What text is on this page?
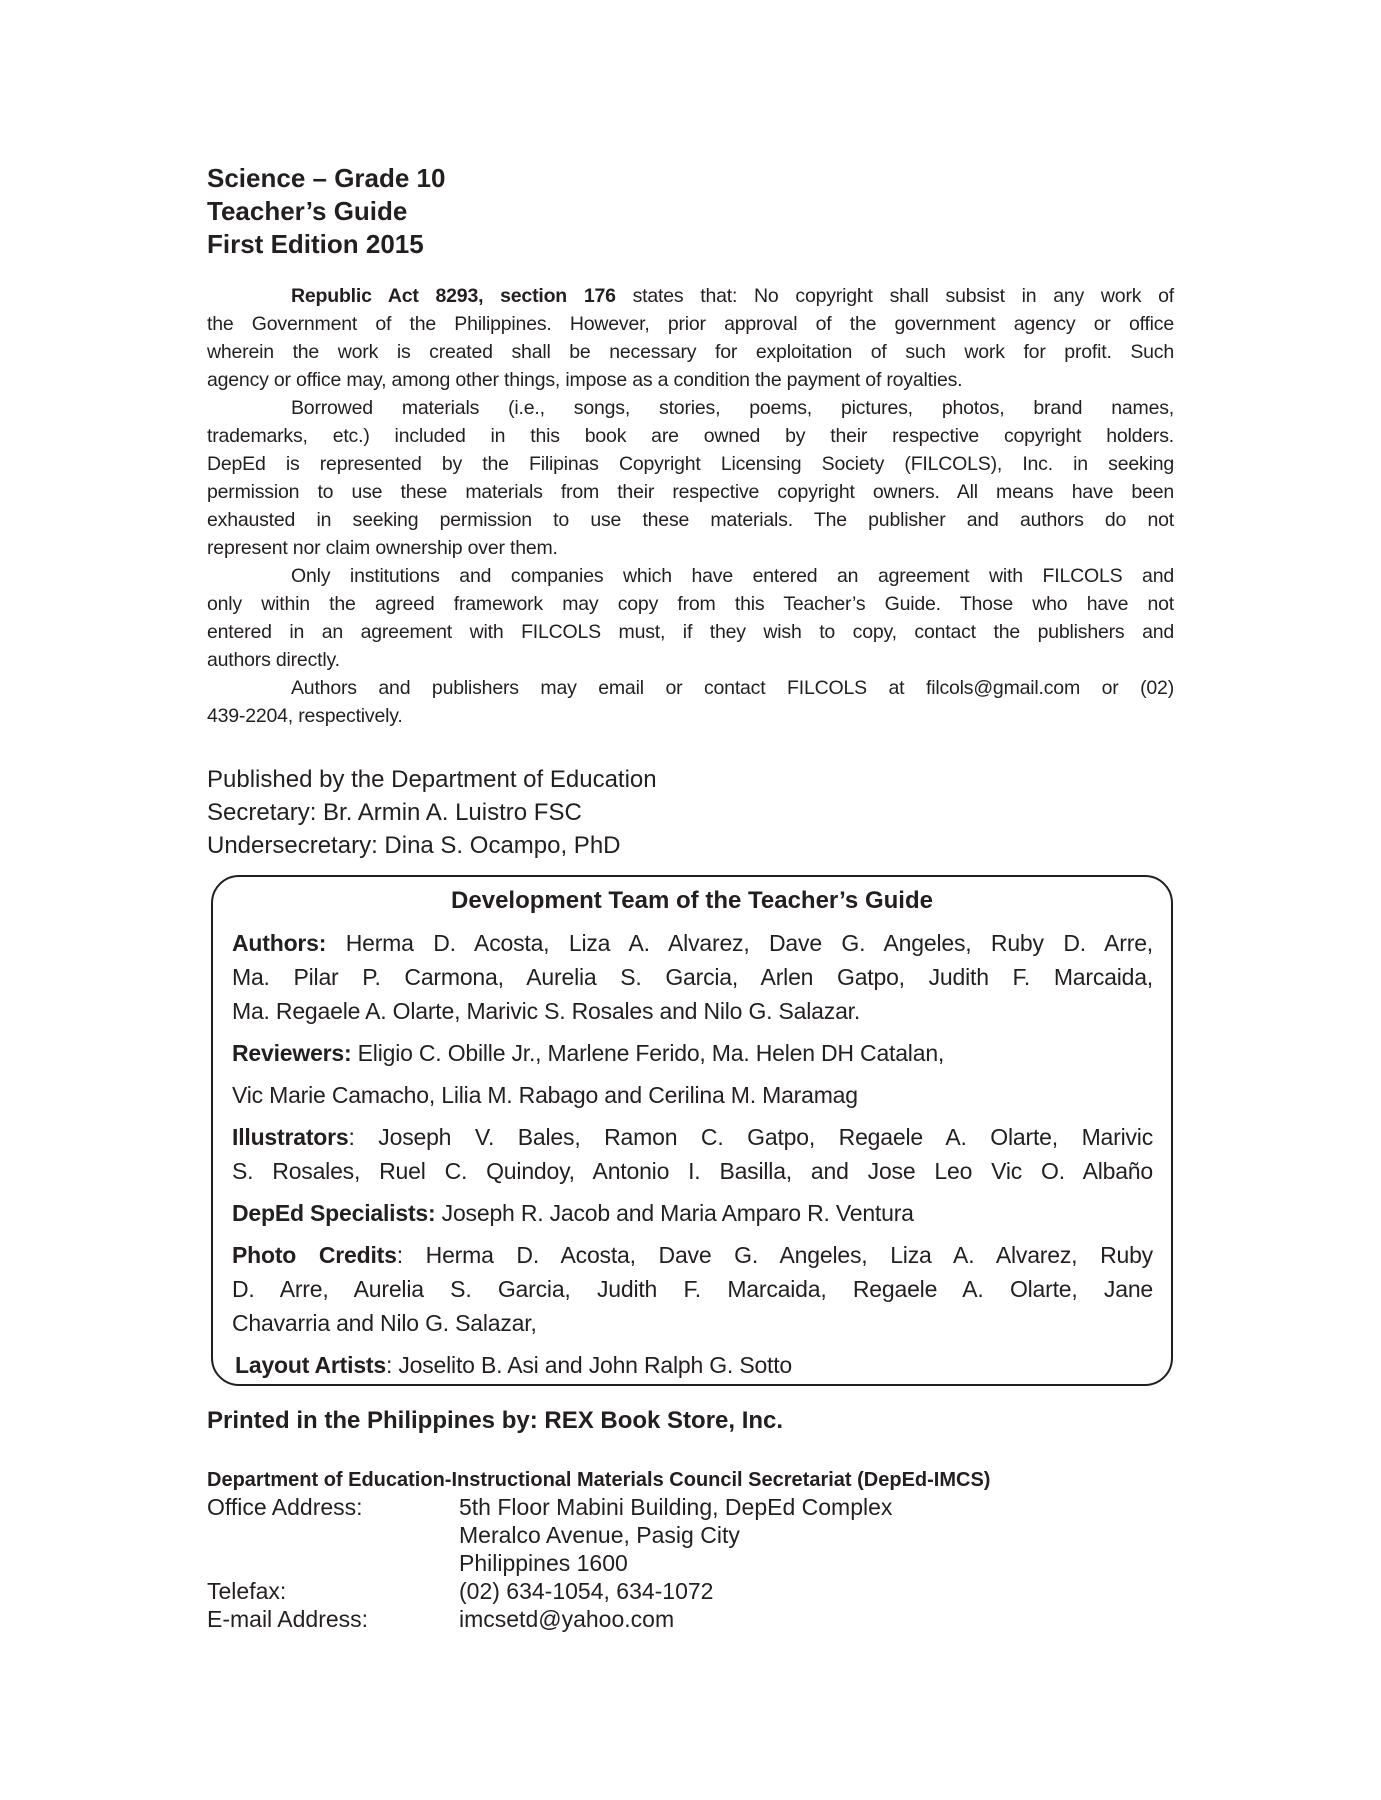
Science – Grade 10
Teacher’s Guide
First Edition 2015
Republic Act 8293, section 176 states that: No copyright shall subsist in any work of
the Government of the Philippines. However, prior approval of the government agency or office
wherein the work is created shall be necessary for exploitation of such work for profit. Such
agency or office may, among other things, impose as a condition the payment of royalties.
Borrowed materials (i.e., songs, stories, poems, pictures, photos, brand names,
trademarks, etc.) included in this book are owned by their respective copyright holders.
DepEd is represented by the Filipinas Copyright Licensing Society (FILCOLS), Inc. in seeking
permission to use these materials from their respective copyright owners. All means have been
exhausted in seeking permission to use these materials. The publisher and authors do not
represent nor claim ownership over them.
Only institutions and companies which have entered an agreement with FILCOLS and
only within the agreed framework may copy from this Teacher’s Guide. Those who have not
entered in an agreement with FILCOLS must, if they wish to copy, contact the publishers and
authors directly.
Authors and publishers may email or contact FILCOLS at filcols@gmail.com or (02)
439-2204, respectively.
Published by the Department of Education
Secretary: Br. Armin A. Luistro FSC
Undersecretary: Dina S. Ocampo, PhD
Development Team of the Teacher’s Guide
Authors: Herma D. Acosta, Liza A. Alvarez, Dave G. Angeles, Ruby D. Arre,
Ma. Pilar P. Carmona, Aurelia S. Garcia, Arlen Gatpo, Judith F. Marcaida,
Ma. Regaele A. Olarte, Marivic S. Rosales and Nilo G. Salazar.
Reviewers: Eligio C. Obille Jr., Marlene Ferido, Ma. Helen DH Catalan,
Vic Marie Camacho, Lilia M. Rabago and Cerilina M. Maramag
Illustrators: Joseph V. Bales, Ramon C. Gatpo, Regaele A. Olarte, Marivic
S. Rosales, Ruel C. Quindoy, Antonio I. Basilla, and Jose Leo Vic O. Albaño
DepEd Specialists: Joseph R. Jacob and Maria Amparo R. Ventura
Photo Credits: Herma D. Acosta, Dave G. Angeles, Liza A. Alvarez, Ruby
D. Arre, Aurelia S. Garcia, Judith F. Marcaida, Regaele A. Olarte, Jane
Chavarria and Nilo G. Salazar,
Layout Artists: Joselito B. Asi and John Ralph G. Sotto
Printed in the Philippines by: REX Book Store, Inc.
Department of Education-Instructional Materials Council Secretariat (DepEd-IMCS)
Office Address:	5th Floor Mabini Building, DepEd Complex
Meralco Avenue, Pasig City
Philippines 1600
Telefax:	(02) 634-1054, 634-1072
E-mail Address:	imcsetd@yahoo.com
